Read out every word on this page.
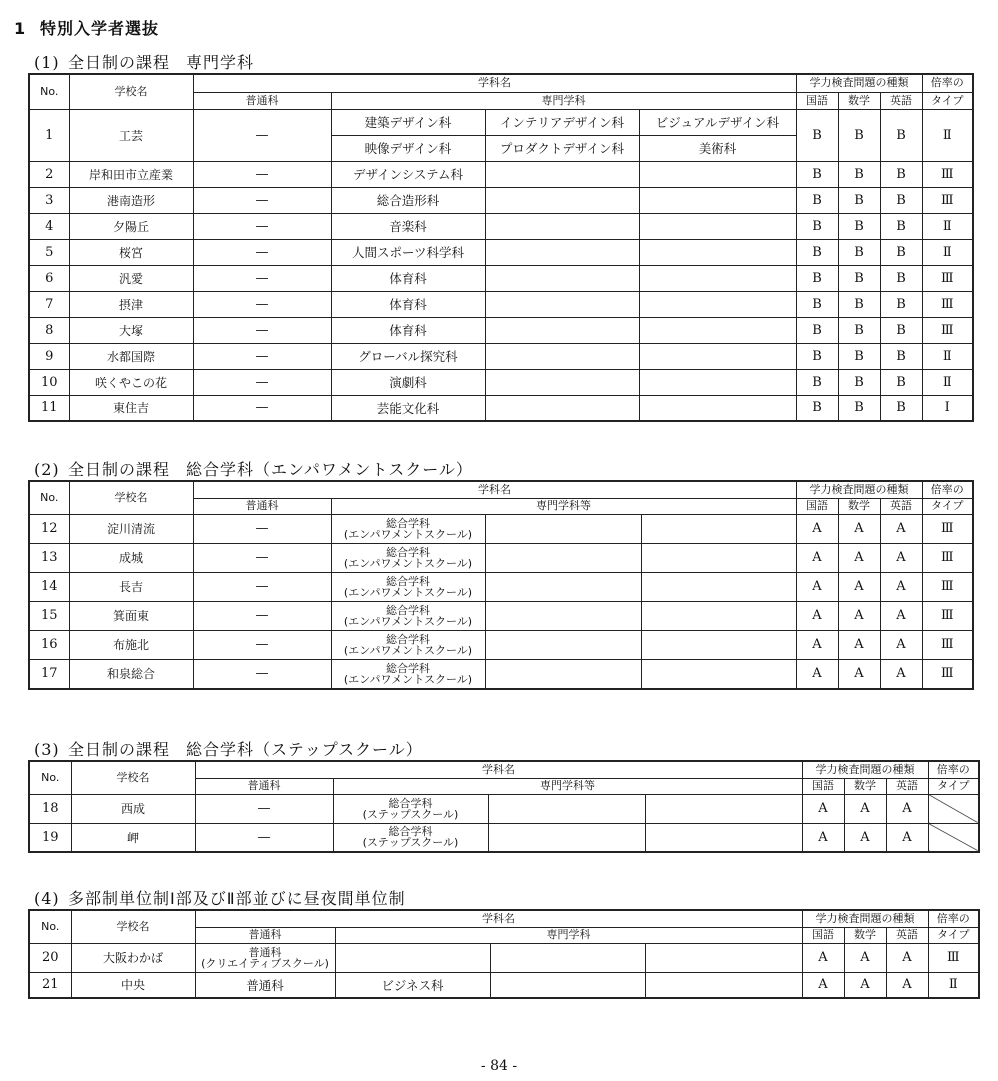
1 特別入学者選抜
(1) 全日制の課程 専門学科
No.	学校名	学科名				学力検査問題の種類			倍率の
		普通科	専門学科			国語	数学	英語	タイプ
1	工芸	—	建築デザイン科	インテリアデザイン科	ビジュアルデザイン科	B	B	B	Ⅱ
			映像デザイン科	プロダクトデザイン科	美術科				
2	岸和田市立産業	—	デザインシステム科			B	B	B	Ⅲ
3	港南造形	—	総合造形科			B	B	B	Ⅲ
4	夕陽丘	—	音楽科			B	B	B	Ⅱ
5	桜宮	—	人間スポーツ科学科			B	B	B	Ⅱ
6	汎愛	—	体育科			B	B	B	Ⅲ
7	摂津	—	体育科			B	B	B	Ⅲ
8	大塚	—	体育科			B	B	B	Ⅲ
9	水都国際	—	グローバル探究科			B	B	B	Ⅱ
10	咲くやこの花	—	演劇科			B	B	B	Ⅱ
11	東住吉	—	芸能文化科			B	B	B	Ⅰ
(2) 全日制の課程 総合学科（エンパワメントスクール）
No.	学校名	学科名				学力検査問題の種類			倍率の
		普通科	専門学科等			国語	数学	英語	タイプ
12	淀川清流	—	総合学科
(エンパワメントスクール)			A	A	A	Ⅲ
13	成城	—	総合学科
(エンパワメントスクール)			A	A	A	Ⅲ
14	長吉	—	総合学科
(エンパワメントスクール)			A	A	A	Ⅲ
15	箕面東	—	総合学科
(エンパワメントスクール)			A	A	A	Ⅲ
16	布施北	—	総合学科
(エンパワメントスクール)			A	A	A	Ⅲ
17	和泉総合	—	総合学科
(エンパワメントスクール)			A	A	A	Ⅲ
(3) 全日制の課程 総合学科（ステップスクール）
No.	学校名	学科名				学力検査問題の種類			倍率の
		普通科	専門学科等			国語	数学	英語	タイプ
18	西成	—	総合学科
(ステップスクール)			A	A	A	
19	岬	—	総合学科
(ステップスクール)			A	A	A	
(4) 多部制単位制Ⅰ部及びⅡ部並びに昼夜間単位制
No.	学校名	学科名				学力検査問題の種類			倍率の
		普通科	専門学科			国語	数学	英語	タイプ
20	大阪わかば	普通科
(クリエイティブスクール)				A	A	A	Ⅲ
21	中央	普通科	ビジネス科			A	A	A	Ⅱ
- 84 -
